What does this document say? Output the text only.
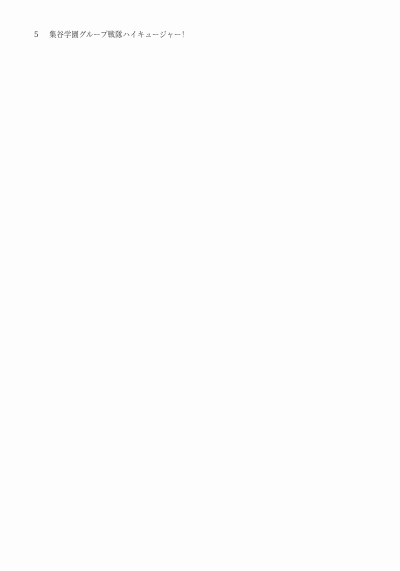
5 集谷学園グループ戦隊ハイキュージャー！
